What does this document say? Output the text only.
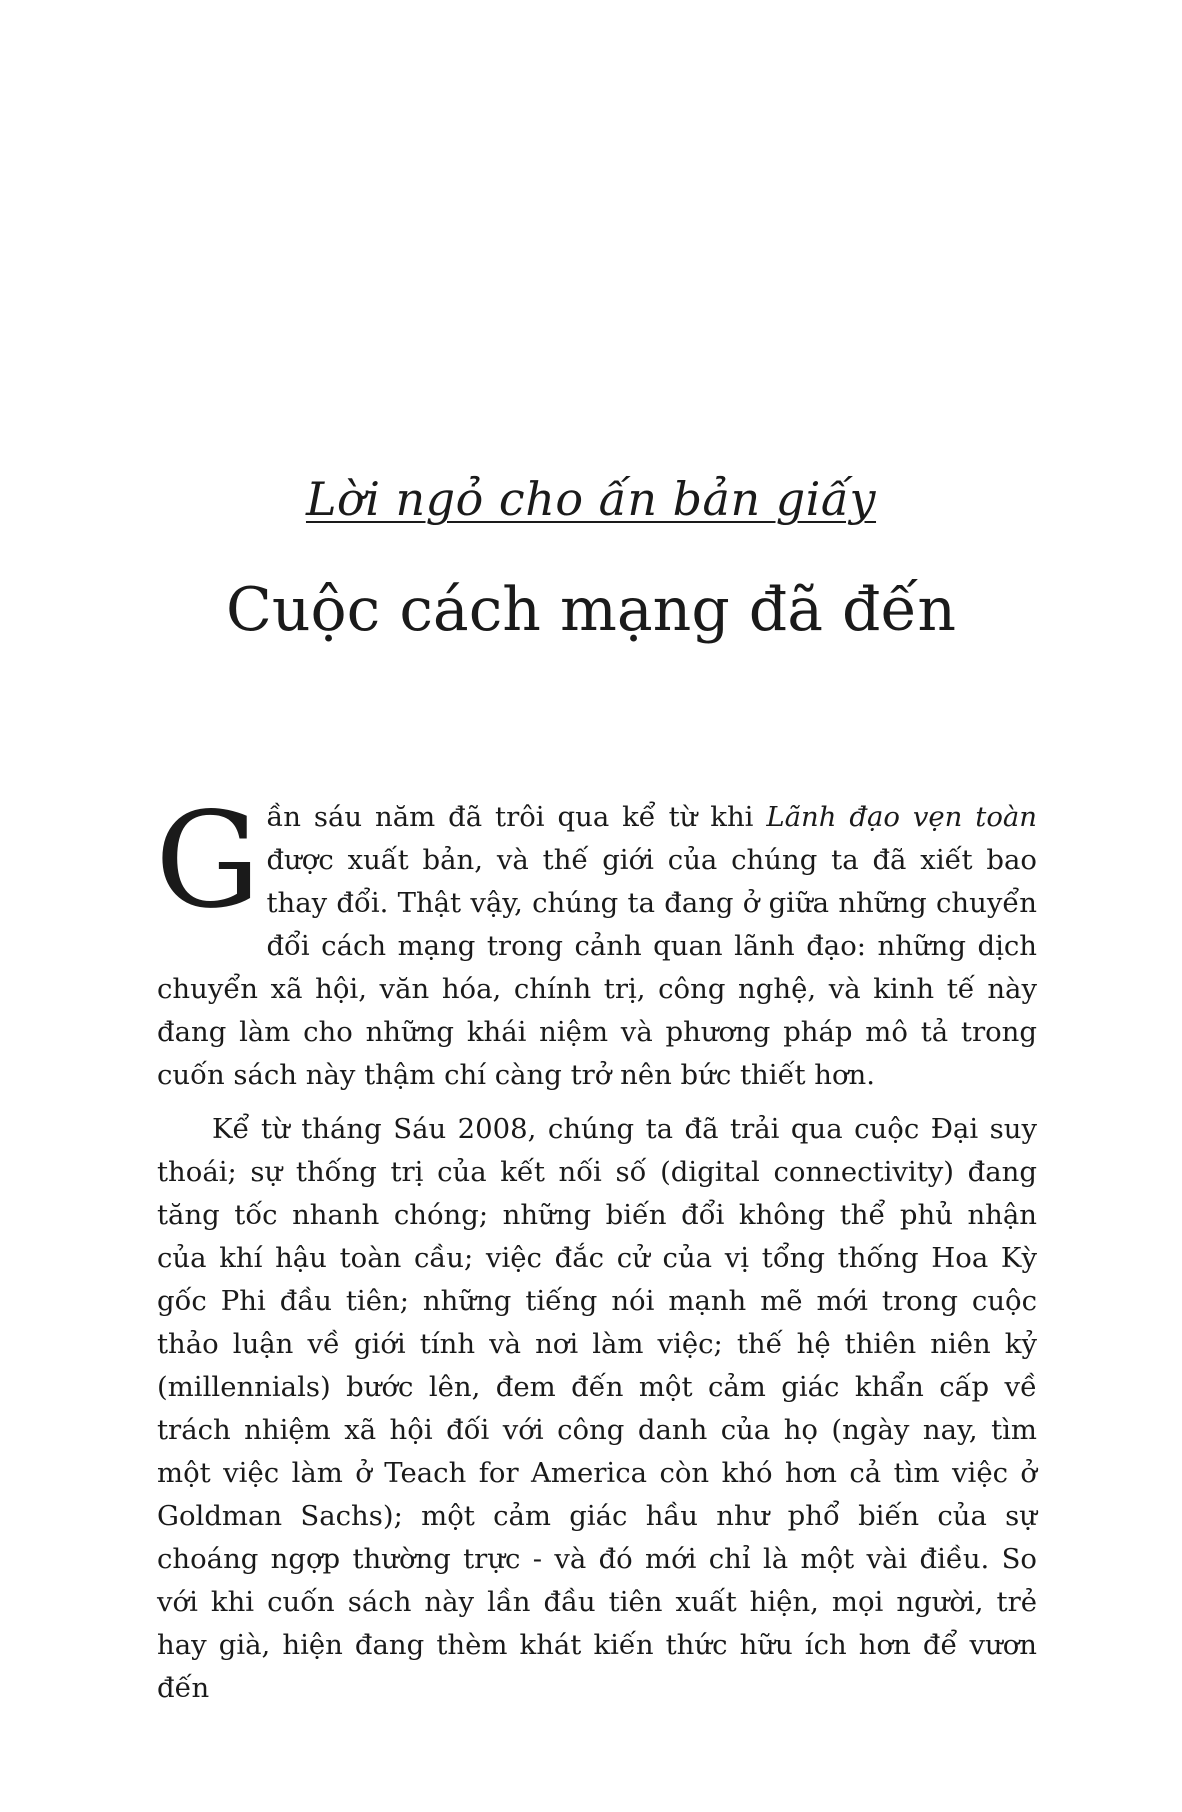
Lời ngỏ cho ấn bản giấy
Cuộc cách mạng đã đến

Gần sáu năm đã trôi qua kể từ khi Lãnh đạo vẹn toàn được xuất bản, và thế giới của chúng ta đã xiết bao thay đổi. Thật vậy, chúng ta đang ở giữa những chuyển đổi cách mạng trong cảnh quan lãnh đạo: những dịch chuyển xã hội, văn hóa, chính trị, công nghệ, và kinh tế này đang làm cho những khái niệm và phương pháp mô tả trong cuốn sách này thậm chí càng trở nên bức thiết hơn.

Kể từ tháng Sáu 2008, chúng ta đã trải qua cuộc Đại suy thoái; sự thống trị của kết nối số (digital connectivity) đang tăng tốc nhanh chóng; những biến đổi không thể phủ nhận của khí hậu toàn cầu; việc đắc cử của vị tổng thống Hoa Kỳ gốc Phi đầu tiên; những tiếng nói mạnh mẽ mới trong cuộc thảo luận về giới tính và nơi làm việc; thế hệ thiên niên kỷ (millennials) bước lên, đem đến một cảm giác khẩn cấp về trách nhiệm xã hội đối với công danh của họ (ngày nay, tìm một việc làm ở Teach for America còn khó hơn cả tìm việc ở Goldman Sachs); một cảm giác hầu như phổ biến của sự choáng ngợp thường trực - và đó mới chỉ là một vài điều. So với khi cuốn sách này lần đầu tiên xuất hiện, mọi người, trẻ hay già, hiện đang thèm khát kiến thức hữu ích hơn để vươn đến
